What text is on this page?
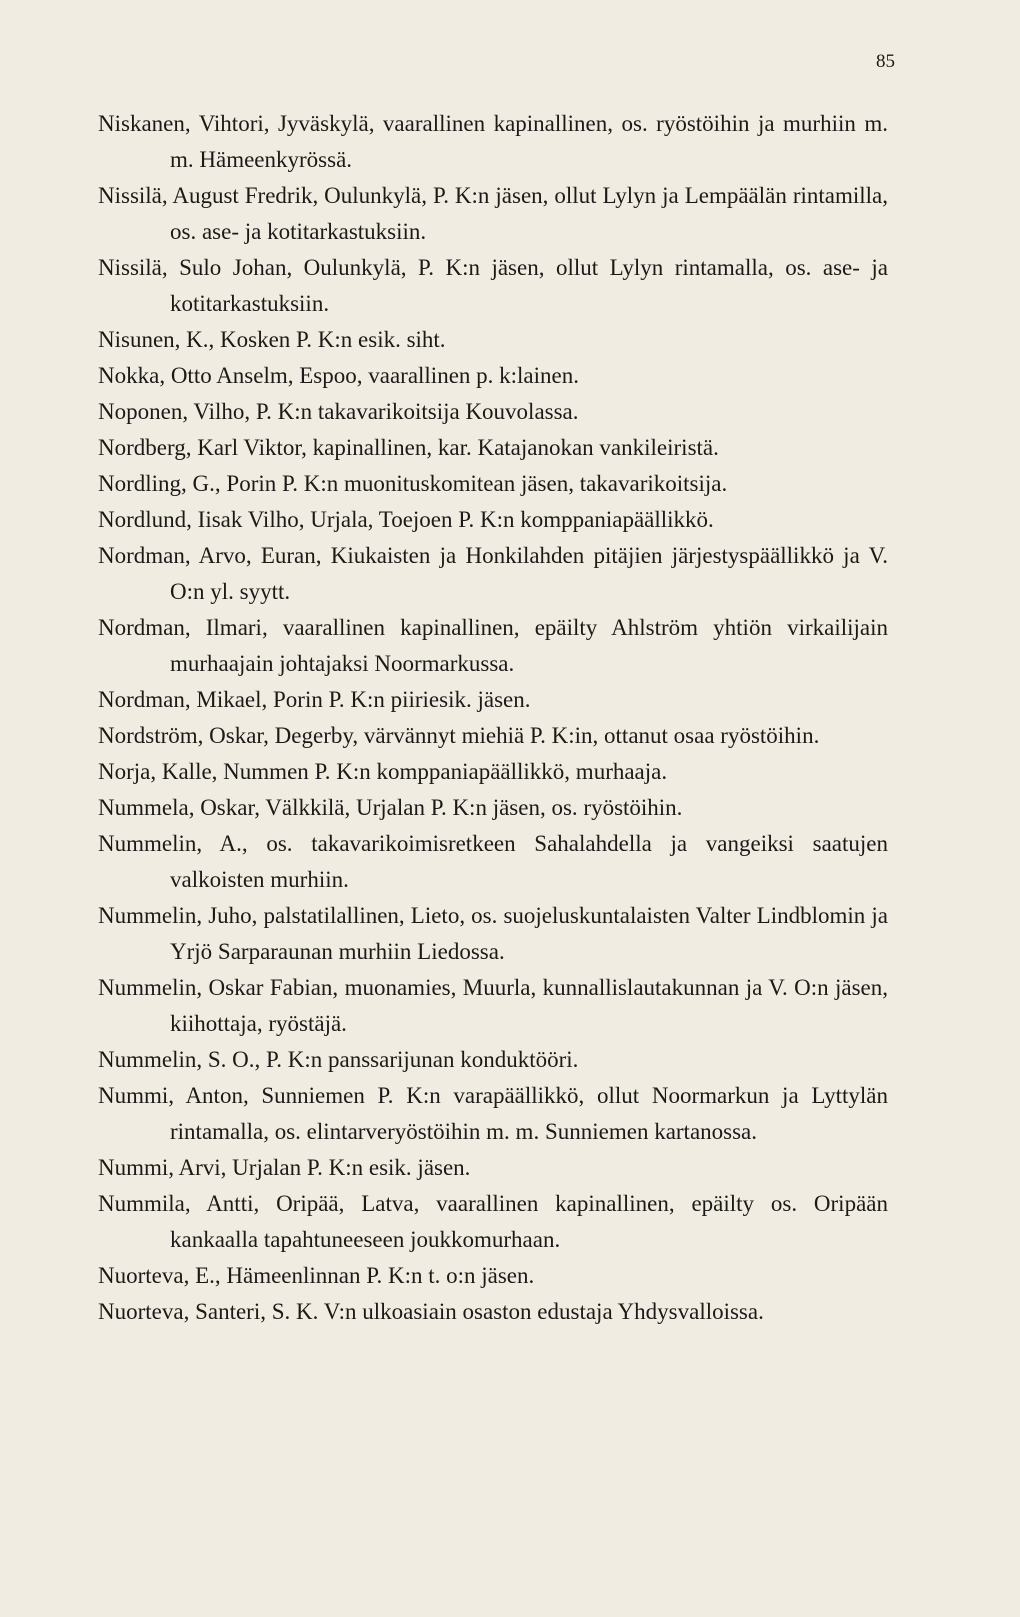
85
Niskanen, Vihtori, Jyväskylä, vaarallinen kapinallinen, os. ryöstöihin ja murhiin m. m. Hämeenkyrössä.
Nissilä, August Fredrik, Oulunkylä, P. K:n jäsen, ollut Lylyn ja Lempäälän rintamilla, os. ase- ja kotitarkastuksiin.
Nissilä, Sulo Johan, Oulunkylä, P. K:n jäsen, ollut Lylyn rintamalla, os. ase- ja kotitarkastuksiin.
Nisunen, K., Kosken P. K:n esik. siht.
Nokka, Otto Anselm, Espoo, vaarallinen p. k:lainen.
Noponen, Vilho, P. K:n takavarikoitsija Kouvolassa.
Nordberg, Karl Viktor, kapinallinen, kar. Katajanokan vankileiristä.
Nordling, G., Porin P. K:n muonituskomitean jäsen, takavarikoitsija.
Nordlund, Iisak Vilho, Urjala, Toejoen P. K:n komppaniapäällikkö.
Nordman, Arvo, Euran, Kiukaisten ja Honkilahden pitäjien järjestyspäällikkö ja V. O:n yl. syytt.
Nordman, Ilmari, vaarallinen kapinallinen, epäilty Ahlström yhtiön virkailijain murhaajain johtajaksi Noormarkussa.
Nordman, Mikael, Porin P. K:n piiriesik. jäsen.
Nordström, Oskar, Degerby, värvännyt miehiä P. K:in, ottanut osaa ryöstöihin.
Norja, Kalle, Nummen P. K:n komppaniapäällikkö, murhaaja.
Nummela, Oskar, Välkkilä, Urjalan P. K:n jäsen, os. ryöstöihin.
Nummelin, A., os. takavarikoimisretkeen Sahalahdella ja vangeiksi saatujen valkoisten murhiin.
Nummelin, Juho, palstatilallinen, Lieto, os. suojeluskuntalaisten Valter Lindblomin ja Yrjö Sarparaunan murhiin Liedossa.
Nummelin, Oskar Fabian, muonamies, Muurla, kunnallislautakunnan ja V. O:n jäsen, kiihottaja, ryöstäjä.
Nummelin, S. O., P. K:n panssarijunan konduktööri.
Nummi, Anton, Sunniemen P. K:n varapäällikkö, ollut Noormarkun ja Lyttylän rintamalla, os. elintarveryöstöihin m. m. Sunniemen kartanossa.
Nummi, Arvi, Urjalan P. K:n esik. jäsen.
Nummila, Antti, Oripää, Latva, vaarallinen kapinallinen, epäilty os. Oripään kankaalla tapahtuneeseen joukkomurhaan.
Nuorteva, E., Hämeenlinnan P. K:n t. o:n jäsen.
Nuorteva, Santeri, S. K. V:n ulkoasiain osaston edustaja Yhdysvalloissa.
